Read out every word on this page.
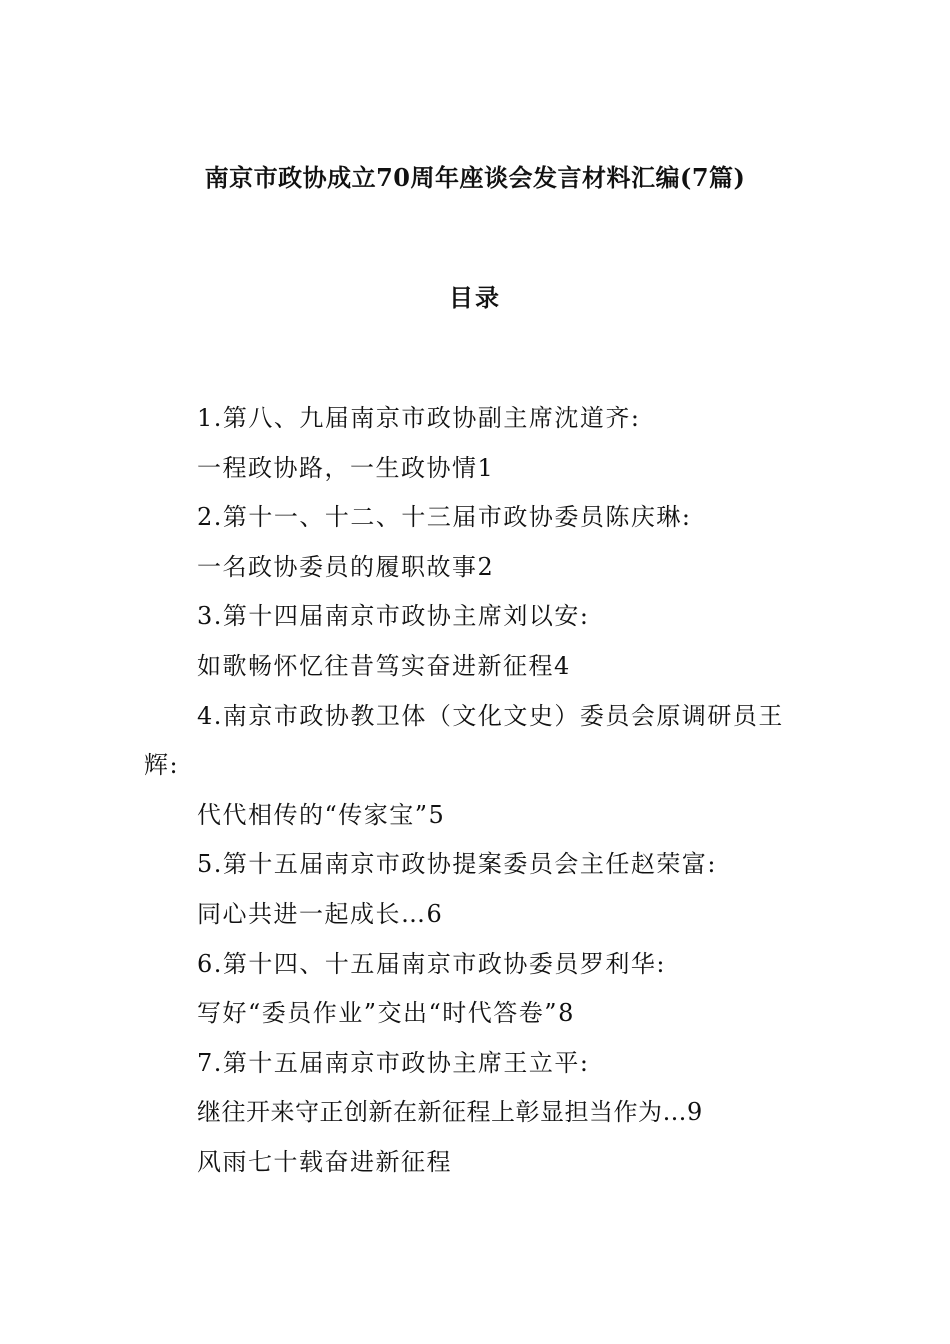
南京市政协成立70周年座谈会发言材料汇编(7篇)
目录
1.第八、九届南京市政协副主席沈道齐:
一程政协路，一生政协情1
2.第十一、十二、十三届市政协委员陈庆琳:
一名政协委员的履职故事2
3.第十四届南京市政协主席刘以安:
如歌畅怀忆往昔笃实奋进新征程4
4.南京市政协教卫体（文化文史）委员会原调研员王
辉:
代代相传的“传家宝”5
5.第十五届南京市政协提案委员会主任赵荣富:
同心共进一起成长…6
6.第十四、十五届南京市政协委员罗利华:
写好“委员作业”交出“时代答卷”8
7.第十五届南京市政协主席王立平:
继往开来守正创新在新征程上彰显担当作为…9
风雨七十载奋进新征程
